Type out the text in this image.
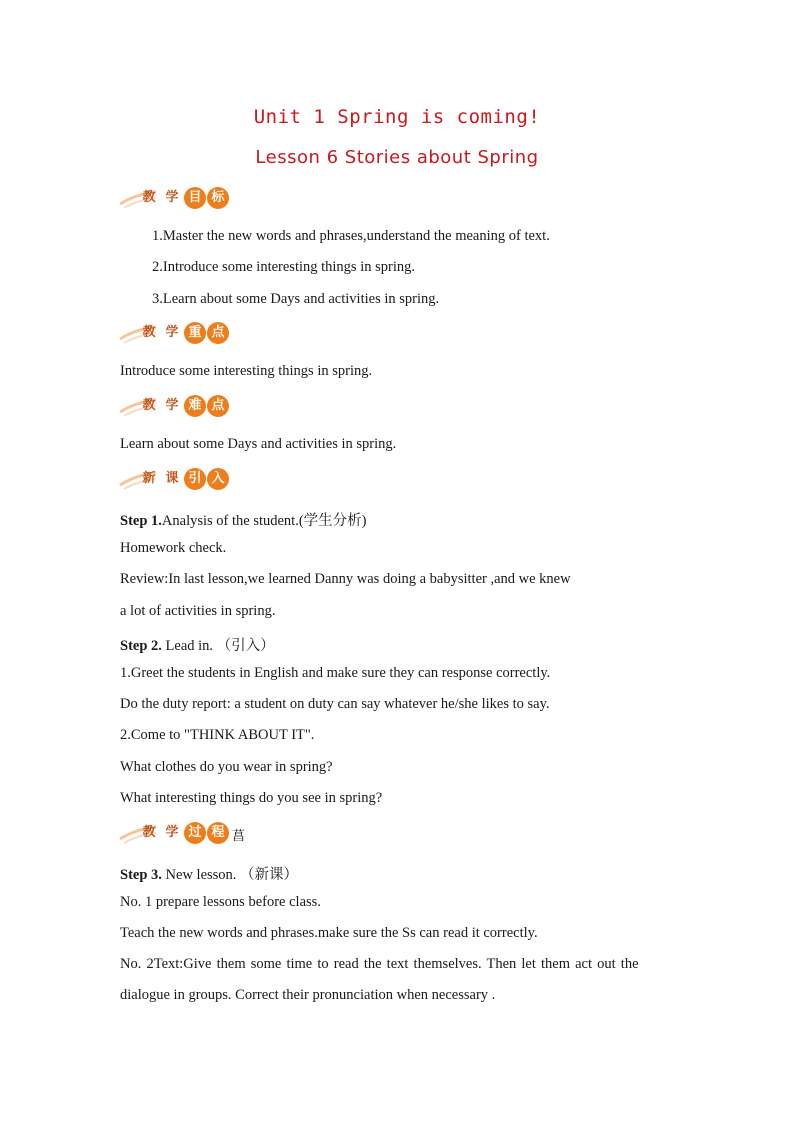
Unit 1 Spring is coming!
Lesson 6 Stories about Spring
教 学 目 标
1.Master the new words and phrases,understand the meaning of text.
2.Introduce some interesting things in spring.
3.Learn about some Days and activities in spring.
教 学 重 点
Introduce some interesting things in spring.
教 学 难 点
Learn about some Days and activities in spring.
新 课 引 入
Step 1.Analysis of the student.(学生分析)
Homework check.
Review:In last lesson,we learned Danny was doing a babysitter ,and we knew
a lot of activities in spring.
Step 2. Lead in. （引入）
1.Greet the students in English and make sure they can response correctly.
Do the duty report: a student on duty can say whatever he/she likes to say.
2.Come to "THINK ABOUT IT".
What clothes do you wear in spring?
What interesting things do you see in spring?
教 学 过 程 菖
Step 3. New lesson. （新课）
No. 1 prepare lessons before class.
Teach the new words and phrases.make sure the Ss can read it correctly.
No. 2Text:Give them some time to read the text themselves. Then let them act out the
dialogue in groups. Correct their pronunciation when necessary .
